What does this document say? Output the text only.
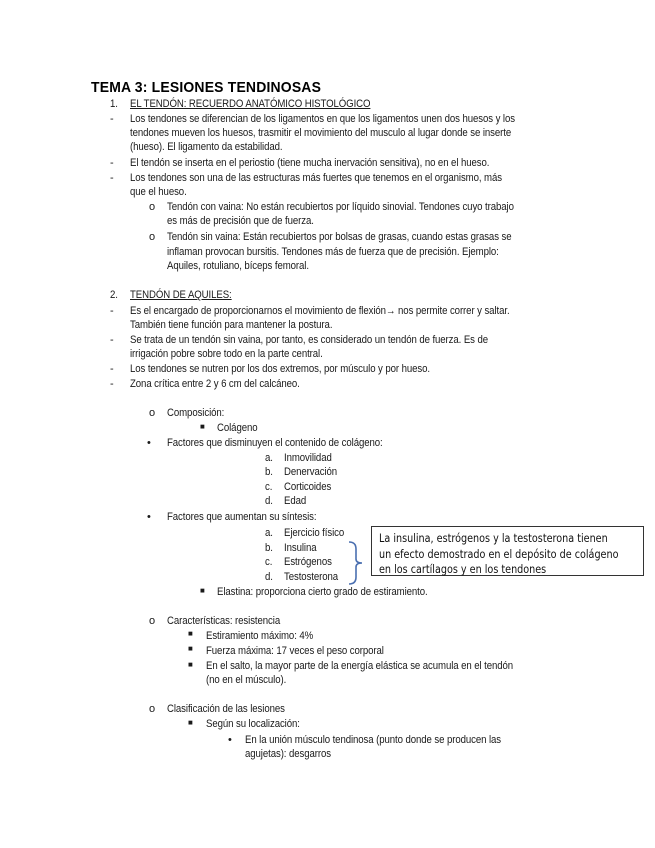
TEMA 3: LESIONES TENDINOSAS
1. EL TENDÓN: RECUERDO ANATÓMICO HISTOLÓGICO
- Los tendones se diferencian de los ligamentos en que los ligamentos unen dos huesos y los
tendones mueven los huesos, trasmitir el movimiento del musculo al lugar donde se inserte
(hueso). El ligamento da estabilidad.
- El tendón se inserta en el periostio (tiene mucha inervación sensitiva), no en el hueso.
- Los tendones son una de las estructuras más fuertes que tenemos en el organismo, más
que el hueso.
o Tendón con vaina: No están recubiertos por líquido sinovial. Tendones cuyo trabajo
es más de precisión que de fuerza.
o Tendón sin vaina: Están recubiertos por bolsas de grasas, cuando estas grasas se
inflaman provocan bursitis. Tendones más de fuerza que de precisión. Ejemplo:
Aquiles, rotuliano, bíceps femoral.
2. TENDÓN DE AQUILES:
- Es el encargado de proporcionarnos el movimiento de flexión→ nos permite correr y saltar.
También tiene función para mantener la postura.
- Se trata de un tendón sin vaina, por tanto, es considerado un tendón de fuerza. Es de
irrigación pobre sobre todo en la parte central.
- Los tendones se nutren por los dos extremos, por músculo y por hueso.
- Zona crítica entre 2 y 6 cm del calcáneo.
o Composición:
■ Colágeno
• Factores que disminuyen el contenido de colágeno:
a. Inmovilidad
b. Denervación
c. Corticoides
d. Edad
• Factores que aumentan su síntesis:
a. Ejercicio físico
b. Insulina
c. Estrógenos
d. Testosterona
La insulina, estrógenos y la testosterona tienen
un efecto demostrado en el depósito de colágeno
en los cartílagos y en los tendones
■ Elastina: proporciona cierto grado de estiramiento.
o Características: resistencia
■ Estiramiento máximo: 4%
■ Fuerza máxima: 17 veces el peso corporal
■ En el salto, la mayor parte de la energía elástica se acumula en el tendón
(no en el músculo).
o Clasificación de las lesiones
■ Según su localización:
• En la unión músculo tendinosa (punto donde se producen las
agujetas): desgarros
